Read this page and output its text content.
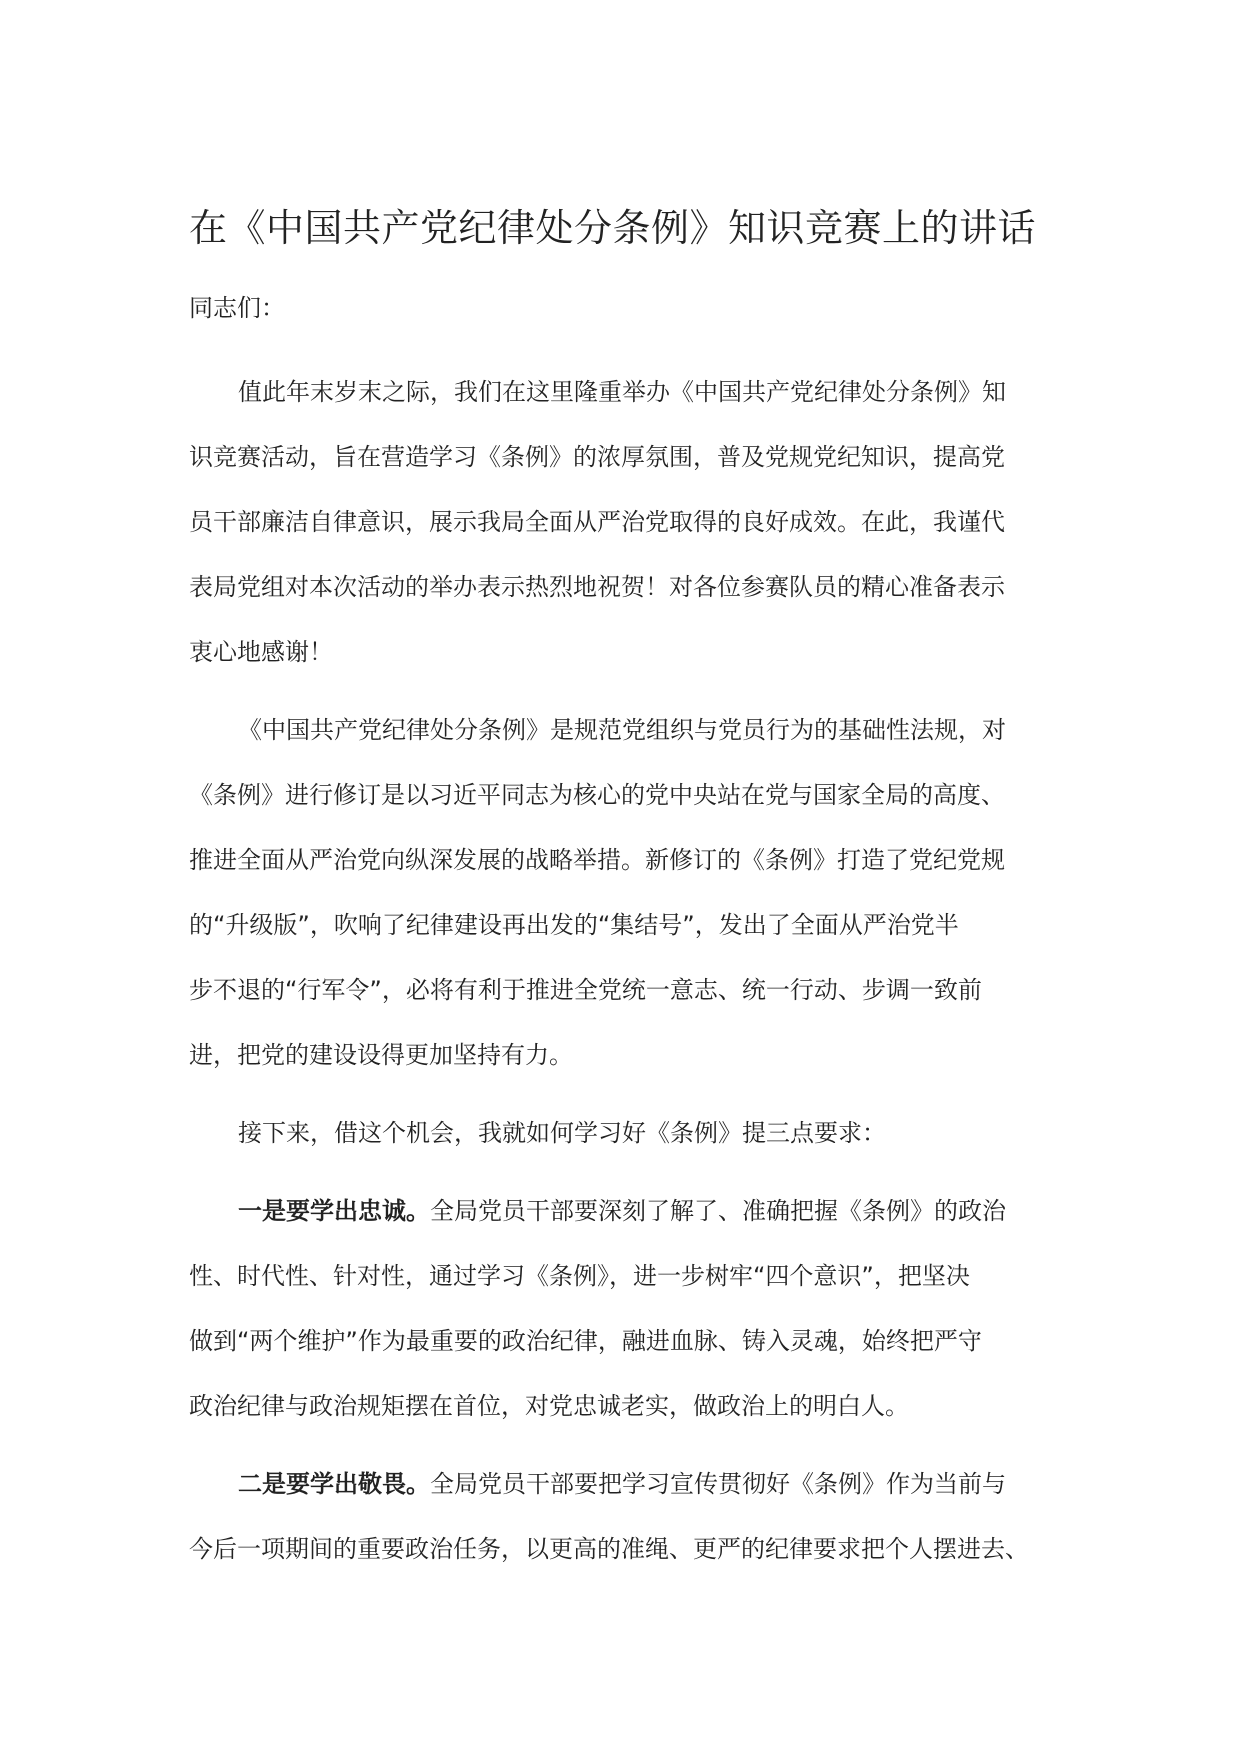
在《中国共产党纪律处分条例》知识竞赛上的讲话

同志们：

值此年末岁末之际，我们在这里隆重举办《中国共产党纪律处分条例》知

识竞赛活动，旨在营造学习《条例》的浓厚氛围，普及党规党纪知识，提高党

员干部廉洁自律意识，展示我局全面从严治党取得的良好成效。在此，我谨代

表局党组对本次活动的举办表示热烈地祝贺！对各位参赛队员的精心准备表示

衷心地感谢！

《中国共产党纪律处分条例》是规范党组织与党员行为的基础性法规，对

《条例》进行修订是以习近平同志为核心的党中央站在党与国家全局的高度、

推进全面从严治党向纵深发展的战略举措。新修订的《条例》打造了党纪党规

的“升级版”，吹响了纪律建设再出发的“集结号”，发出了全面从严治党半

步不退的“行军令”，必将有利于推进全党统一意志、统一行动、步调一致前

进，把党的建设设得更加坚持有力。

接下来，借这个机会，我就如何学习好《条例》提三点要求：

一是要学出忠诚。全局党员干部要深刻了解了、准确把握《条例》的政治

性、时代性、针对性，通过学习《条例》，进一步树牢“四个意识”，把坚决

做到“两个维护”作为最重要的政治纪律，融进血脉、铸入灵魂，始终把严守

政治纪律与政治规矩摆在首位，对党忠诚老实，做政治上的明白人。

二是要学出敬畏。全局党员干部要把学习宣传贯彻好《条例》作为当前与

今后一项期间的重要政治任务，以更高的准绳、更严的纪律要求把个人摆进去、
